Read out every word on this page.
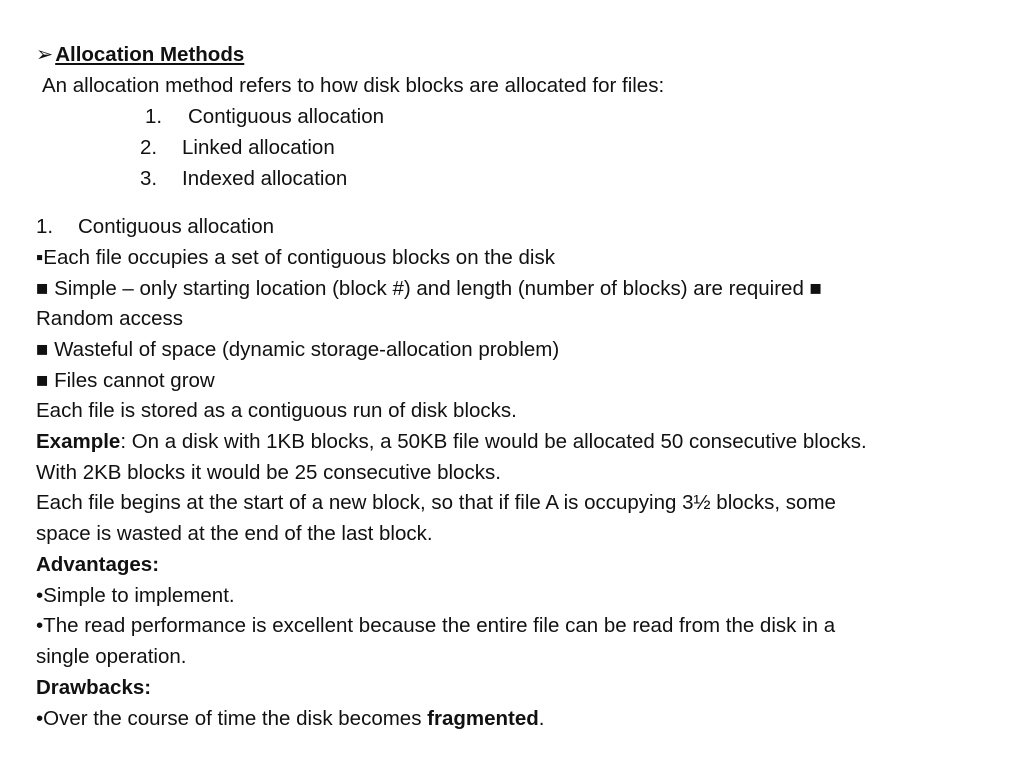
➢Allocation Methods
An allocation method refers to how disk blocks are allocated for files:
1. Contiguous allocation
2. Linked allocation
3. Indexed allocation
1. Contiguous allocation
▪Each file occupies a set of contiguous blocks on the disk
■ Simple – only starting location (block #) and length (number of blocks) are required ■
Random access
■ Wasteful of space (dynamic storage-allocation problem)
■ Files cannot grow
Each file is stored as a contiguous run of disk blocks.
Example: On a disk with 1KB blocks, a 50KB file would be allocated 50 consecutive blocks.
With 2KB blocks it would be 25 consecutive blocks.
Each file begins at the start of a new block, so that if file A is occupying 3½ blocks, some
space is wasted at the end of the last block.
Advantages:
•Simple to implement.
•The read performance is excellent because the entire file can be read from the disk in a
single operation.
Drawbacks:
•Over the course of time the disk becomes fragmented.
